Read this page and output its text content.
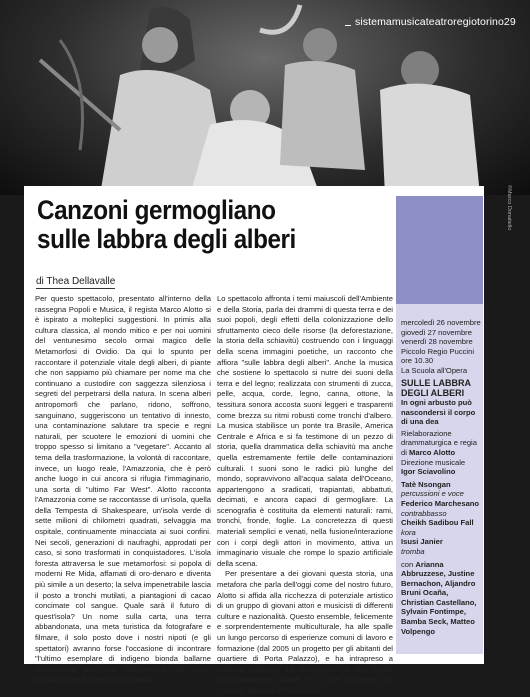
sistemamusicateatroregiotorino29
©Marco Donatiello
Canzoni germogliano sulle labbra degli alberi
di Thea Dellavalle

Per questo spettacolo, presentato all'interno della rassegna Popoli e Musica, il regista Marco Alotto si è ispirato a molteplici suggestioni. In primis alla cultura classica, al mondo mitico e per noi uomini del ventunesimo secolo ormai magico delle Metamorfosi di Ovidio. Da qui lo spunto per raccontare il potenziale vitale degli alberi, di piante che non sappiamo più chiamare per nome ma che continuano a custodire con saggezza silenziosa i segreti del perpetrarsi della natura. In scena alberi antropomorfi che parlano, ridono, soffrono, sanguinano, suggeriscono un tentativo di innesto, una contaminazione salutare tra specie e regni naturali, per scuotere le emozioni di uomini che troppo spesso si limitano a "vegetare". Accanto al tema della trasformazione, la volontà di raccontare, invece, un luogo reale, l'Amazzonia, che è però anche luogo in cui ancora si rifugia l'immaginario, una sorta di "ultimo Far West". Alotto racconta l'Amazzonia come se raccontasse di un'isola, quella della Tempesta di Shakespeare, un'isola verde di sette milioni di chilometri quadrati, selvaggia ma ospitale, continuamente minacciata ai suoi confini. Nei secoli, generazioni di naufraghi, approdati per caso, si sono trasformati in conquistadores. L'isola foresta attraversa le sue metamorfosi: si popola di moderni Re Mida, affamati di oro-denaro e diventa più simile a un deserto; la selva impenetrabile lascia il posto a tronchi mutilati, a piantagioni di cacao concimate col sangue. Quale sarà il futuro di quest'isola? Un nome sulla carta, una terra abbandonata, una meta turistica da fotografare e filmare, il solo posto dove i nostri nipoti (e gli spettatori) avranno forse l'occasione di incontrare "l'ultimo esemplare di indigeno bionda ballarne dell'America del Sud, dell'America del Nord, dell'Africa del Borneo e dell'Irlanda".

Lo spettacolo affronta i temi maiuscoli dell'Ambiente e della Storia, parla dei drammi di questa terra e dei suoi popoli, degli effetti della colonizzazione dello sfruttamento cieco delle risorse (la deforestazione, la storia della schiavitù) costruendo con i linguaggi della scena immagini poetiche, un racconto che affiora "sulle labbra degli alberi". Anche la musica che sostiene lo spettacolo si nutre dei suoni della terra e del legno; realizzata con strumenti di zucca, pelle, acqua, corde, legno, canna, ottone, la tessitura sonora accosta suoni leggeri e trasparenti come brezza su ritmi robusti come tronchi d'albero. La musica stabilisce un ponte tra Brasile, America Centrale e Africa e si fa testimone di un pezzo di storia, quella drammatica della schiavitù ma anche quella estremamente fertile delle contaminazioni culturali. I suoni sono le radici più lunghe del mondo, sopravvivono all'acqua salata dell'Oceano, appartengono a sradicati, trapiantati, abbattuti, decimati, e ancora capaci di germogliare. La scenografia è costituita da elementi naturali: rami, tronchi, fronde, foglie. La concretezza di questi materiali semplici e venati, nella fusione/interazione con i corpi degli attori in movimento, attiva un immaginario visuale che rompe lo spazio artificiale della scena.

Per presentare a dei giovani questa storia, una metafora che parla dell'oggi come del nostro futuro, Alotto si affida alla ricchezza di potenziale artistico di un gruppo di giovani attori e musicisti di differenti culture e nazionalità. Questo ensemble, felicemente e sorprendentemente multiculturale, ha alle spalle un lungo percorso di esperienze comuni di lavoro e formazione (dal 2005 un progetto per gli abitanti del quartiere di Porta Palazzo), e ha intrapreso a tradurre tradizioni ed espressioni di una realtà quotidianamente globale in ciò che di umano non conosce latitudini e longitudini.

mercoledì 26 novembre
giovedì 27 novembre
venerdì 28 novembre
Piccolo Regio Puccini
ore 10.30
La Scuola all'Opera
SULLE LABBRA DEGLI ALBERI
In ogni arbusto può nascondersi il corpo di una dea
Rielaborazione drammaturgica e regia di Marco Alotto
Direzione musicale
Igor Sciavolino
Tatè Nsongan
percussioni e voce
Federico Marchesano
contrabbasso
Cheikh Sadibou Fall
kora
Isusi Janier
tromba
con Arianna Abbruzzese, Justine Bernachon, Aljandro Bruni Ocaña, Christian Castellano, Sylvain Fontimpe, Bamba Seck, Matteo Volpengo
